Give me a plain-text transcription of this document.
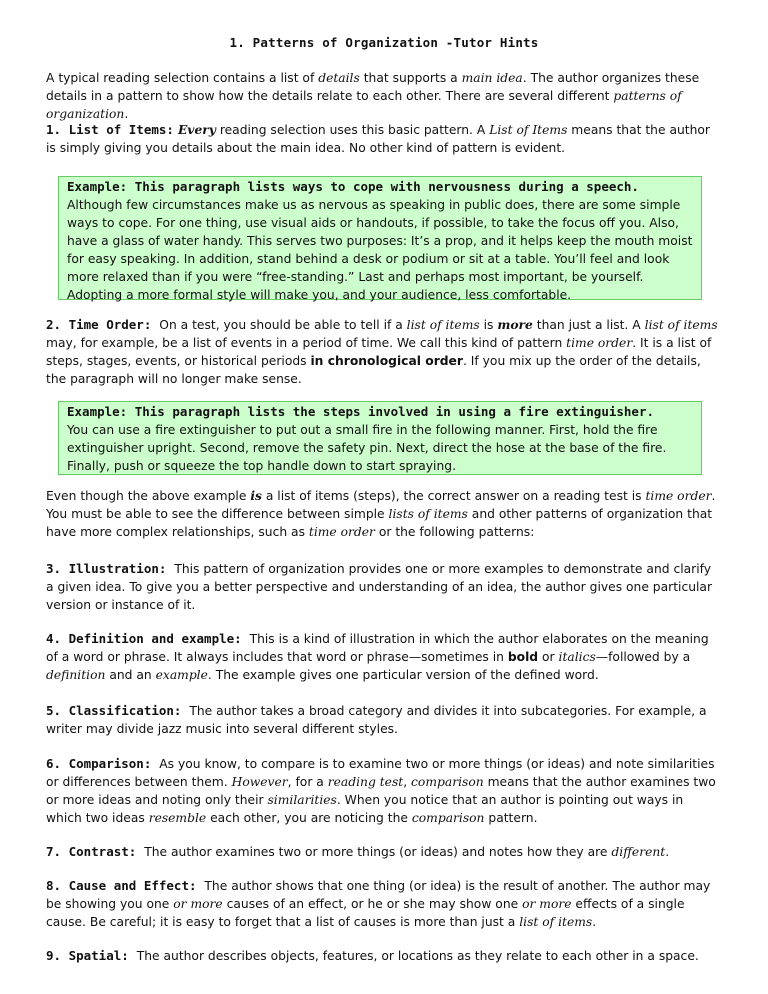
1. Patterns of Organization -Tutor Hints

A typical reading selection contains a list of details that supports a main idea. The author organizes these details in a pattern to show how the details relate to each other. There are several different patterns of organization.

1. List of Items: Every reading selection uses this basic pattern. A List of Items means that the author is simply giving you details about the main idea. No other kind of pattern is evident.

Example: This paragraph lists ways to cope with nervousness during a speech. Although few circumstances make us as nervous as speaking in public does, there are some simple ways to cope. For one thing, use visual aids or handouts, if possible, to take the focus off you. Also, have a glass of water handy. This serves two purposes: It’s a prop, and it helps keep the mouth moist for easy speaking. In addition, stand behind a desk or podium or sit at a table. You’ll feel and look more relaxed than if you were “free-standing.” Last and perhaps most important, be yourself. Adopting a more formal style will make you, and your audience, less comfortable.

2. Time Order: On a test, you should be able to tell if a list of items is more than just a list. A list of items may, for example, be a list of events in a period of time. We call this kind of pattern time order. It is a list of steps, stages, events, or historical periods in chronological order. If you mix up the order of the details, the paragraph will no longer make sense.

Example: This paragraph lists the steps involved in using a fire extinguisher.
You can use a fire extinguisher to put out a small fire in the following manner. First, hold the fire extinguisher upright. Second, remove the safety pin. Next, direct the hose at the base of the fire. Finally, push or squeeze the top handle down to start spraying.

Even though the above example is a list of items (steps), the correct answer on a reading test is time order. You must be able to see the difference between simple lists of items and other patterns of organization that have more complex relationships, such as time order or the following patterns:

3. Illustration: This pattern of organization provides one or more examples to demonstrate and clarify a given idea. To give you a better perspective and understanding of an idea, the author gives one particular version or instance of it.

4. Definition and example: This is a kind of illustration in which the author elaborates on the meaning of a word or phrase. It always includes that word or phrase—sometimes in bold or italics—followed by a definition and an example. The example gives one particular version of the defined word.

5. Classification: The author takes a broad category and divides it into subcategories. For example, a writer may divide jazz music into several different styles.

6. Comparison: As you know, to compare is to examine two or more things (or ideas) and note similarities or differences between them. However, for a reading test, comparison means that the author examines two or more ideas and noting only their similarities. When you notice that an author is pointing out ways in which two ideas resemble each other, you are noticing the comparison pattern.

7. Contrast: The author examines two or more things (or ideas) and notes how they are different.

8. Cause and Effect: The author shows that one thing (or idea) is the result of another. The author may be showing you one or more causes of an effect, or he or she may show one or more effects of a single cause. Be careful; it is easy to forget that a list of causes is more than just a list of items.

9. Spatial: The author describes objects, features, or locations as they relate to each other in a space.
